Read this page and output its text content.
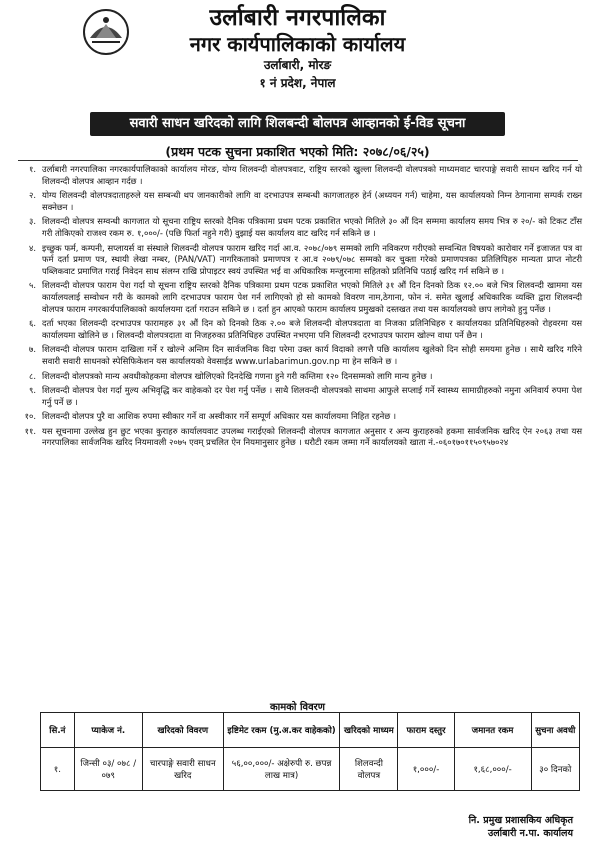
उर्लाबारी नगरपालिका
नगर कार्यपालिकाको कार्यालय
उर्लाबारी, मोरङ
१ नं प्रदेश, नेपाल
सवारी साधन खरिदको लागि शिलबन्दी बोलपत्र आव्हानको ई-विड सूचना
(प्रथम पटक सुचना प्रकाशित भएको मिति: २०७८/०६/२५)
१. उर्लाबारी नगरपालिका नगरकार्यपालिकाको कार्यालय मोरङ, योग्य शिलवन्दी वोलपत्रवाट, राष्ट्रिय स्तरको खुल्ला शिलवन्दी वोलपत्रको माध्यमवाट चारपाङ्गे सवारी साधन खरिद गर्न यो शिलवन्दी वोलपत्र आव्हान गर्दछ ।
२. योग्य शिलवन्दी वोलपत्रदाताहरुले यस सम्बन्धी थप जानकारीको लागि वा दरभाउपत्र सम्बन्धी कागजातहरु हेर्न (अध्ययन गर्न) चाहेमा, यस कार्यालयको निम्न ठेगानामा सम्पर्क राख्न सक्नेछन ।
३. शिलवन्दी वोलपत्र सम्वन्धी कागजात यो सूचना राष्ट्रिय स्तरको दैनिक पत्रिकामा प्रथम पटक प्रकाशित भएको मितिले ३० औं दिन सम्ममा कार्यालय समय भित्र रु २०/- को टिकट टाँस गरी तोकिएको राजश्व रकम रु. १,०००/- (पछि फिर्ता नहुने गरी) वुझाई यस कार्यालय वाट खरिद गर्न सकिने छ ।
४. इच्छुक फर्म, कम्पनी, सप्लायर्स वा संस्थाले शिलवन्दी वोलपत्र फाराम खरिद गर्दा आ.व. २०७८/०७९ सम्मको लागि नविकरण गरीएको सम्वन्धित विषयको कारोवार गर्ने इजाजत पत्र वा फर्म दर्ता प्रमाण पत्र, स्थायी लेखा नम्बर, (PAN/VAT) नागरिकताको प्रमाणपत्र र आ.व २०७९/०७८ सम्मको कर चुक्ता गरेको प्रमाणपत्रका प्रतिलिपिहरु मान्यता प्राप्त नोटरी पब्लिकवाट प्रमाणित गराई निवेदन साथ संलग्न राखि प्रोपाइटर स्वयं उपस्थित भई वा अधिकारिक मन्जुरनामा सहितको प्रतिनिधि पठाई खरिद गर्न सकिने छ ।
५. शिलवन्दी वोलपत्र फाराम पेश गर्दा यो सूचना राष्ट्रिय स्तरको दैनिक पत्रिकामा प्रथम पटक प्रकाशित भएको मितिले ३१ औं दिन दिनको ठिक १२.०० बजे भित्र शिलवन्दी खाममा यस कार्यालयलाई सम्वोधन गरी के कामको लागि दरभाउपत्र फाराम पेश गर्न लागिएको हो सो कामको विवरण नाम,ठेगाना, फोन नं. समेत खुलाई अधिकारिक व्यक्ति द्वारा शिलवन्दी वोलपत्र फाराम नगरकार्यपालिकाको कार्यालयमा दर्ता गराउन सकिने छ । दर्ता हुन आएको फाराम कार्यालय प्रमुखको दस्तखत तथा यस कार्यालयको छाप लागेको हुनु पर्नेछ ।
६. दर्ता भएका शिलवन्दी दरभाउपत्र फारामहरु ३१ औं दिन को दिनको ठिक २.०० बजे शिलवन्दी वोलपत्रदाता वा निजका प्रतिनिधिहरु र कार्यालयका प्रतिनिधिहरुको रोहवरमा यस कार्यालयमा खोलिने छ । शिलवन्दी वोलपत्रदाता वा निजहरुका प्रतिनिधिहरु उपस्थित नभएमा पनि शिलवन्दी दरभाउपत्र फाराम खोल्न वाधा पर्ने छैन ।
७. शिलवन्दी वोलपत्र फाराम दाखिला गर्ने र खोल्ने अन्तिम दिन सार्वजनिक विदा परेमा उक्त कार्य विदाको लगत्तै पछि कार्यालय खुलेको दिन सोही समयमा हुनेछ । साथै खरिद गरिने सवारी सवारी साधनको स्पेसिफिकेशन यस कार्यालयको वेवसाईड www.urlabarimun.gov.np मा हेन सकिने छ ।
८. शिलवन्दी वोलपत्रको मान्य अवधीकोहकमा वोलपत्र खोलिएको दिनदेखि गणना हुने गरी कम्तिमा १२० दिनसम्मको लागि मान्य हुनेछ ।
९. शिलवन्दी वोलपत्र पेश गर्दा मुल्य अभिवृद्धि कर वाहेकको दर पेश गर्नु पर्नेछ । साथै शिलवन्दी वोलपत्रको साथमा आफुले सप्लाई गर्ने स्वास्थ्य सामाग्रीहरुको नमुना अनिवार्य रुपमा पेश गर्नु पर्ने छ ।
१०. शिलवन्दी वोलपत्र पुरै वा आशिक रुपमा स्वीकार गर्ने वा अस्वीकार गर्ने सम्पूर्ण अधिकार यस कार्यालयमा निहित रहनेछ ।
११. यस सूचनामा उल्लेख हुन छुट भएका कुराहरु कार्यालयवाट उपलब्ध गराईएको शिलवन्दी वोलपत्र कागजात अनुसार र अन्य कुराहरुको हकमा सार्वजनिक खरिद ऐन २०६३ तथा यस नगरपालिका सार्वजनिक खरिद नियमावली २०७५ एवम् प्रचलित ऐन नियमानुसार हुनेछ । धरौटी रकम जम्मा गर्ने कार्यालयको खाता नं.-०६०१७०११५०९५७०२४
कामको विवरण
सि.नं	प्याकेज नं.	खरिदको विवरण	इष्टिमेट रकम (मु.अ.कर वाहेकको)	खरिदको माध्यम	फाराम दस्तुर	जमानत रकम	सुचना अवधी
१.	जिन्सी ०३/ ०७८ /०७९	चारपाङ्गे सवारी साधन खरिद	५६,००,०००/- अक्षेरुपी रु. छपन्न लाख मात्र)	शिलवन्दी वोलपत्र	१,०००/-	१,६८,०००/-	३० दिनको
नि. प्रमुख प्रशासकिय अधिकृत
उर्लाबारी न.पा. कार्यालय
